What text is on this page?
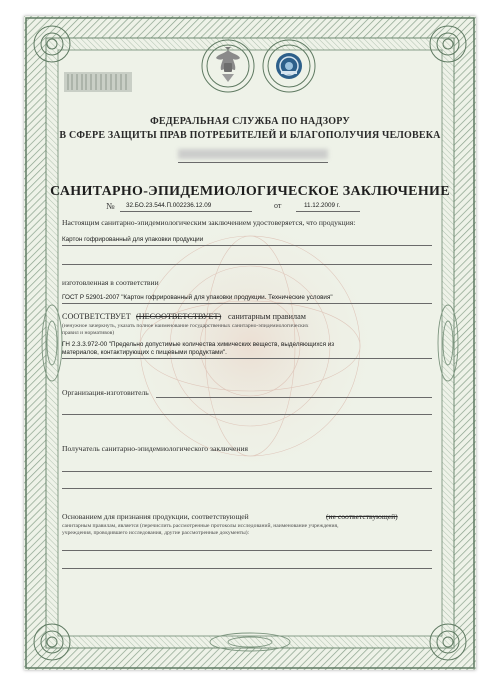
ФЕДЕРАЛЬНАЯ СЛУЖБА ПО НАДЗОРУ
В СФЕРЕ ЗАЩИТЫ ПРАВ ПОТРЕБИТЕЛЕЙ И БЛАГОПОЛУЧИЯ ЧЕЛОВЕКА
САНИТАРНО-ЭПИДЕМИОЛОГИЧЕСКОЕ ЗАКЛЮЧЕНИЕ
№ 32.БО.23.544.П.002236.12.09	от	11.12.2009 г.
Настоящим санитарно-эпидемиологическим заключением удостоверяется, что продукция:
Картон гофрированный для упаковки продукции
изготовленная в соответствии
ГОСТ Р 52901-2007 "Картон гофрированный для упаковки продукции. Технические условия"
СООТВЕТСТВУЕТ (НЕСООТВЕТСТВУЕТ) санитарным правилам
(ненужное зачеркнуть, указать полное наименование государственных санитарно-эпидемиологических
правил и нормативов)
ГН 2.3.3.972-00 "Предельно допустимые количества химических веществ, выделяющихся из
материалов, контактирующих с пищевыми продуктами".
Организация-изготовитель
Получатель санитарно-эпидемиологического заключения
Основанием для признания продукции, соответствующей	(не соответствующей)
санитарным правилам, является (перечислить рассмотренные протоколы исследований, наименование учреждения,
учреждения, проводившего исследования, другие рассмотренные документы):
